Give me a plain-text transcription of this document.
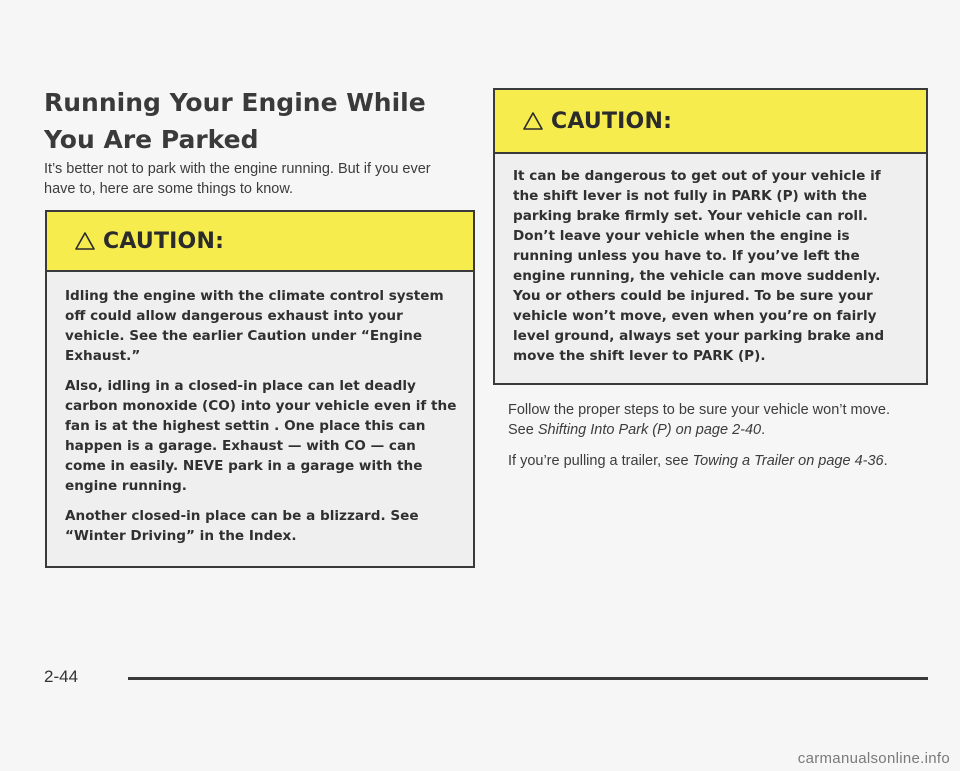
Running Your Engine While You Are Parked

It’s better not to park with the engine running. But if you ever have to, here are some things to know.

CAUTION:

Idling the engine with the climate control system off could allow dangerous exhaust into your vehicle. See the earlier Caution under “Engine Exhaust.”

Also, idling in a closed-in place can let deadly carbon monoxide (CO) into your vehicle even if the fan is at the highest settin . One place this can happen is a garage. Exhaust — with CO — can come in easily. NEVE park in a garage with the engine running.

Another closed-in place can be a blizzard. See “Winter Driving” in the Index.

CAUTION:

It can be dangerous to get out of your vehicle if the shift lever is not fully in PARK (P) with the parking brake firmly set. Your vehicle can roll. Don’t leave your vehicle when the engine is running unless you have to. If you’ve left the engine running, the vehicle can move suddenly. You or others could be injured. To be sure your vehicle won’t move, even when you’re on fairly level ground, always set your parking brake and move the shift lever to PARK (P).

Follow the proper steps to be sure your vehicle won’t move. See Shifting Into Park (P) on page 2-40.

If you’re pulling a trailer, see Towing a Trailer on page 4-36.

2-44
carmanualsonline.info
